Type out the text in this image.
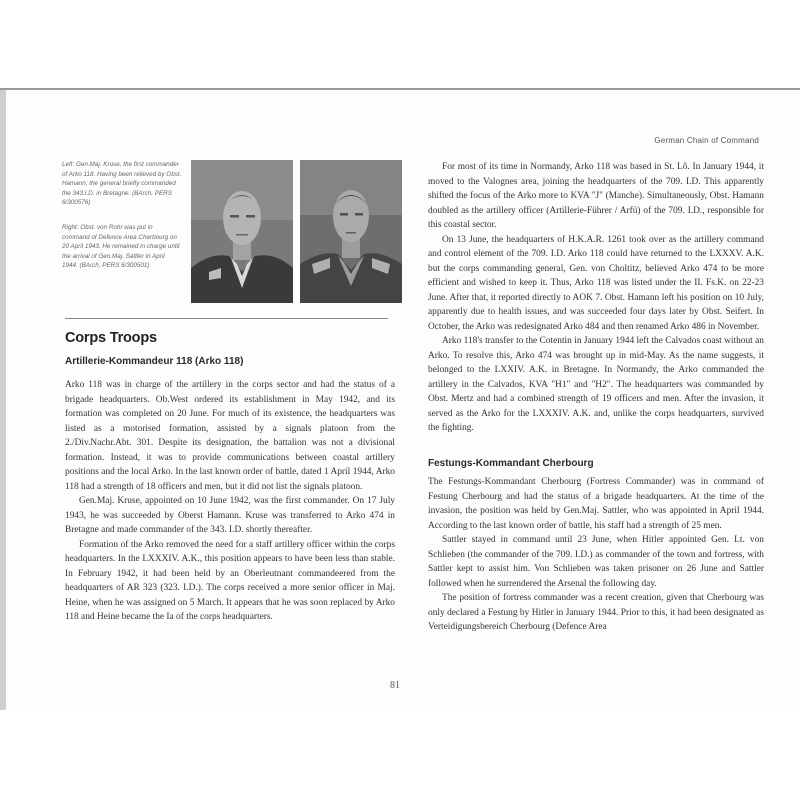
German Chain of Command
Left: Gen.Maj. Kruse, the first commander of Arko 118. Having been relieved by Obst. Hamann, the general briefly commanded the 343.I.D. in Bretagne. (BArch, PERS 6/300576)
Right: Obst. von Rohr was put in command of Defence Area Cherbourg on 20 April 1943. He remained in charge until the arrival of Gen.Maj. Sattler in April 1944. (BArch, PERS 6/300501)
Corps Troops
Artillerie-Kommandeur 118 (Arko 118)

Arko 118 was in charge of the artillery in the corps sector and had the status of a brigade headquarters. Ob.West ordered its establishment in May 1942, and its formation was completed on 20 June. For much of its existence, the headquarters was listed as a motorised formation, assisted by a signals platoon from the 2./Div.Nachr.Abt. 301. Despite its designation, the battalion was not a divisional formation. Instead, it was to provide communications between coastal artillery positions and the local Arko. In the last known order of battle, dated 1 April 1944, Arko 118 had a strength of 18 officers and men, but it did not list the signals platoon.

Gen.Maj. Kruse, appointed on 10 June 1942, was the first commander. On 17 July 1943, he was succeeded by Oberst Hamann. Kruse was transferred to Arko 474 in Bretagne and made commander of the 343. I.D. shortly thereafter.

Formation of the Arko removed the need for a staff artillery officer within the corps headquarters. In the LXXXIV. A.K., this position appears to have been less than stable. In February 1942, it had been held by an Oberleutnant commandeered from the headquarters of AR 323 (323. I.D.). The corps received a more senior officer in Maj. Heine, when he was assigned on 5 March. It appears that he was soon replaced by Arko 118 and Heine became the Ia of the corps headquarters.

For most of its time in Normandy, Arko 118 was based in St. Lô. In January 1944, it moved to the Valognes area, joining the headquarters of the 709. I.D. This apparently shifted the focus of the Arko more to KVA "J" (Manche). Simultaneously, Obst. Hamann doubled as the artillery officer (Artillerie-Führer / Arfü) of the 709. I.D., responsible for this coastal sector.

On 13 June, the headquarters of H.K.A.R. 1261 took over as the artillery command and control element of the 709. I.D. Arko 118 could have returned to the LXXXV. A.K. but the corps commanding general, Gen. von Choltitz, believed Arko 474 to be more efficient and wished to keep it. Thus, Arko 118 was listed under the II. Fs.K. on 22-23 June. After that, it reported directly to AOK 7. Obst. Hamann left his position on 10 July, apparently due to health issues, and was succeeded four days later by Obst. Seifert. In October, the Arko was redesignated Arko 484 and then renamed Arko 486 in November.

Arko 118's transfer to the Cotentin in January 1944 left the Calvados coast without an Arko. To resolve this, Arko 474 was brought up in mid-May. As the name suggests, it belonged to the LXXIV. A.K. in Bretagne. In Normandy, the Arko commanded the artillery in the Calvados, KVA "H1" and "H2". The headquarters was commanded by Obst. Mertz and had a combined strength of 19 officers and men. After the invasion, it served as the Arko for the LXXXIV. A.K. and, unlike the corps headquarters, survived the fighting.

Festungs-Kommandant Cherbourg

The Festungs-Kommandant Cherbourg (Fortress Commander) was in command of Festung Cherbourg and had the status of a brigade headquarters. At the time of the invasion, the position was held by Gen.Maj. Sattler, who was appointed in April 1944. According to the last known order of battle, his staff had a strength of 25 men.

Sattler stayed in command until 23 June, when Hitler appointed Gen. Lt. von Schlieben (the commander of the 709. I.D.) as commander of the town and fortress, with Sattler kept to assist him. Von Schlieben was taken prisoner on 26 June and Sattler followed when he surrendered the Arsenal the following day.

The position of fortress commander was a recent creation, given that Cherbourg was only declared a Festung by Hitler in January 1944. Prior to this, it had been designated as Verteidigungsbereich Cherbourg (Defence Area

81
